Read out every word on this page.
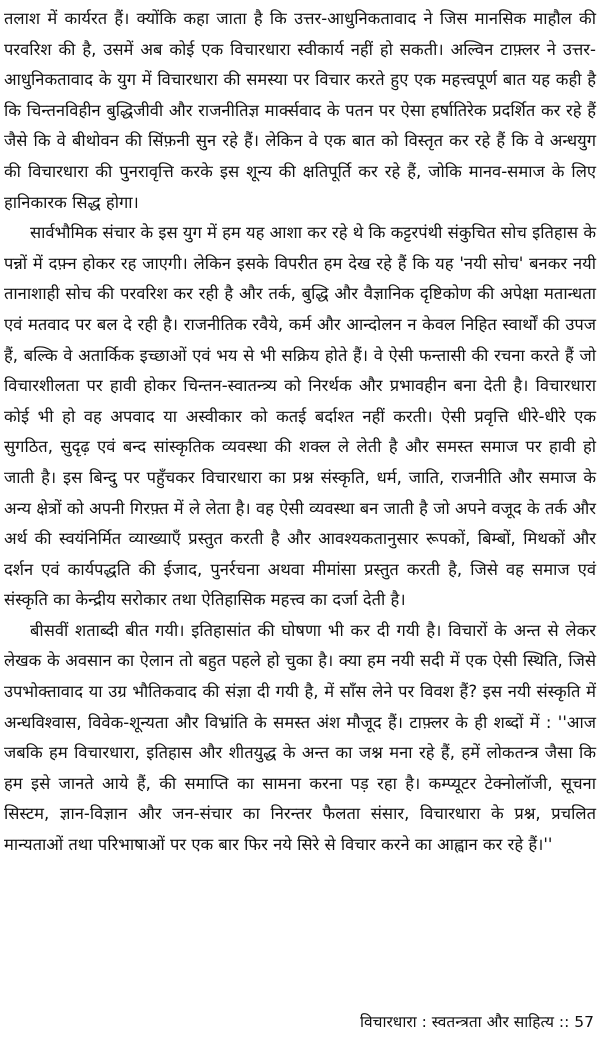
तलाश में कार्यरत हैं। क्योंकि कहा जाता है कि उत्तर-आधुनिकतावाद ने जिस मानसिक माहौल की परवरिश की है, उसमें अब कोई एक विचारधारा स्वीकार्य नहीं हो सकती। अल्विन टाफ़्लर ने उत्तर-आधुनिकतावाद के युग में विचारधारा की समस्या पर विचार करते हुए एक महत्त्वपूर्ण बात यह कही है कि चिन्तनविहीन बुद्धिजीवी और राजनीतिज्ञ मार्क्सवाद के पतन पर ऐसा हर्षातिरेक प्रदर्शित कर रहे हैं जैसे कि वे बीथोवन की सिंफ़नी सुन रहे हैं। लेकिन वे एक बात को विस्तृत कर रहे हैं कि वे अन्धयुग की विचारधारा की पुनरावृत्ति करके इस शून्य की क्षतिपूर्ति कर रहे हैं, जोकि मानव-समाज के लिए हानिकारक सिद्ध होगा।

सार्वभौमिक संचार के इस युग में हम यह आशा कर रहे थे कि कट्टरपंथी संकुचित सोच इतिहास के पन्नों में दफ़्न होकर रह जाएगी। लेकिन इसके विपरीत हम देख रहे हैं कि यह 'नयी सोच' बनकर नयी तानाशाही सोच की परवरिश कर रही है और तर्क, बुद्धि और वैज्ञानिक दृष्टिकोण की अपेक्षा मतान्धता एवं मतवाद पर बल दे रही है। राजनीतिक रवैये, कर्म और आन्दोलन न केवल निहित स्वार्थों की उपज हैं, बल्कि वे अतार्किक इच्छाओं एवं भय से भी सक्रिय होते हैं। वे ऐसी फन्तासी की रचना करते हैं जो विचारशीलता पर हावी होकर चिन्तन-स्वातन्त्र्य को निरर्थक और प्रभावहीन बना देती है। विचारधारा कोई भी हो वह अपवाद या अस्वीकार को कतई बर्दाश्त नहीं करती। ऐसी प्रवृत्ति धीरे-धीरे एक सुगठित, सुदृढ़ एवं बन्द सांस्कृतिक व्यवस्था की शक्ल ले लेती है और समस्त समाज पर हावी हो जाती है। इस बिन्दु पर पहुँचकर विचारधारा का प्रश्न संस्कृति, धर्म, जाति, राजनीति और समाज के अन्य क्षेत्रों को अपनी गिरफ़्त में ले लेता है। वह ऐसी व्यवस्था बन जाती है जो अपने वजूद के तर्क और अर्थ की स्वयंनिर्मित व्याख्याएँ प्रस्तुत करती है और आवश्यकतानुसार रूपकों, बिम्बों, मिथकों और दर्शन एवं कार्यपद्धति की ईजाद, पुनर्रचना अथवा मीमांसा प्रस्तुत करती है, जिसे वह समाज एवं संस्कृति का केन्द्रीय सरोकार तथा ऐतिहासिक महत्त्व का दर्जा देती है।

बीसवीं शताब्दी बीत गयी। इतिहासांत की घोषणा भी कर दी गयी है। विचारों के अन्त से लेकर लेखक के अवसान का ऐलान तो बहुत पहले हो चुका है। क्या हम नयी सदी में एक ऐसी स्थिति, जिसे उपभोक्तावाद या उग्र भौतिकवाद की संज्ञा दी गयी है, में साँस लेने पर विवश हैं? इस नयी संस्कृति में अन्धविश्वास, विवेक-शून्यता और विभ्रांति के समस्त अंश मौजूद हैं। टाफ़्लर के ही शब्दों में : ''आज जबकि हम विचारधारा, इतिहास और शीतयुद्ध के अन्त का जश्न मना रहे हैं, हमें लोकतन्त्र जैसा कि हम इसे जानते आये हैं, की समाप्ति का सामना करना पड़ रहा है। कम्प्यूटर टेक्नोलॉजी, सूचना सिस्टम, ज्ञान-विज्ञान और जन-संचार का निरन्तर फैलता संसार, विचारधारा के प्रश्न, प्रचलित मान्यताओं तथा परिभाषाओं पर एक बार फिर नये सिरे से विचार करने का आह्वान कर रहे हैं।''

विचारधारा : स्वतन्त्रता और साहित्य :: 57
